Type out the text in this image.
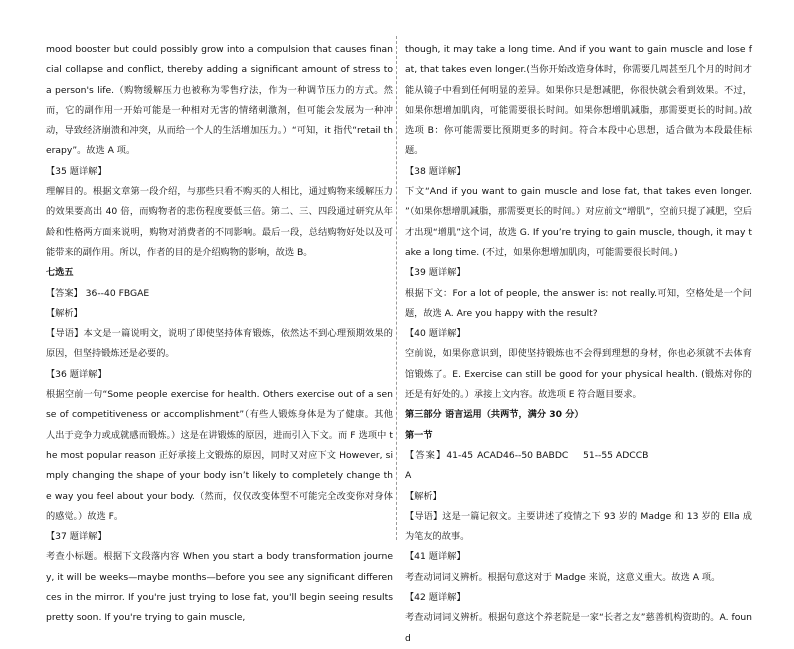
mood booster but could possibly grow into a compulsion that causes financial collapse and conflict, thereby adding a significant amount of stress to a person's life.（购物缓解压力也被称为零售疗法，作为一种调节压力的方式。然而，它的副作用一开始可能是一种相对无害的情绪刺激剂，但可能会发展为一种冲动，导致经济崩溃和冲突，从而给一个人的生活增加压力。）“可知，it 指代“retail therapy”。故选 A 项。

【35 题详解】

理解目的。根据文章第一段介绍，与那些只看不购买的人相比，通过购物来缓解压力的效果要高出 40 倍，而购物者的悲伤程度要低三倍。第二、三、四段通过研究从年龄和性格两方面来说明，购物对消费者的不同影响。最后一段，总结购物好处以及可能带来的副作用。所以，作者的目的是介绍购物的影响，故选 B。

七选五

【答案】 36--40 FBGAE

【解析】

【导语】本文是一篇说明文，说明了即使坚持体育锻炼，依然达不到心理预期效果的原因，但坚持锻炼还是必要的。

【36 题详解】

根据空前一句“Some people exercise for health. Others exercise out of a sense of competitiveness or accomplishment”（有些人锻炼身体是为了健康。其他人出于竞争力或成就感而锻炼。）这是在讲锻炼的原因，进而引入下文。而 F 选项中 the most popular reason 正好承接上文锻炼的原因，同时又对应下文 However, simply changing the shape of your body isn’t likely to completely change the way you feel about your body.（然而，仅仅改变体型不可能完全改变你对身体的感觉。）故选 F。

【37 题详解】

考查小标题。根据下文段落内容 When you start a body transformation journey, it will be weeks—maybe months—before you see any significant differences in the mirror. If you're just trying to lose fat, you'll begin seeing results pretty soon. If you're trying to gain muscle,

though, it may take a long time. And if you want to gain muscle and lose fat, that takes even longer.(当你开始改造身体时，你需要几周甚至几个月的时间才能从镜子中看到任何明显的差异。如果你只是想减肥，你很快就会看到效果。不过，如果你想增加肌肉，可能需要很长时间。如果你想增肌减脂，那需要更长的时间。)故选项 B：你可能需要比预期更多的时间。符合本段中心思想，适合做为本段最佳标题。

【38 题详解】

下文“And if you want to gain muscle and lose fat, that takes even longer. ”（如果你想增肌减脂，那需要更长的时间。）对应前文“增肌”，空前只提了减肥，空后才出现“增肌”这个词，故选 G. If you’re trying to gain muscle, though, it may take a long time. (不过，如果你想增加肌肉，可能需要很长时间。)

【39 题详解】

根据下文：For a lot of people, the answer is: not really.可知，空格处是一个问题，故选 A. Are you happy with the result?

【40 题详解】

空前说，如果你意识到，即使坚持锻炼也不会得到理想的身材，你也必须就不去体育馆锻炼了。E. Exercise can still be good for your physical health. (锻炼对你的还是有好处的。）承接上文内容。故选项 E 符合题目要求。

第三部分 语言运用（共两节，满分 30 分）

第一节

【答案】41-45 ACADA
46--50 BABDC	51--55 ADCCB

【解析】

【导语】这是一篇记叙文。主要讲述了疫情之下 93 岁的 Madge 和 13 岁的 Ella 成为笔友的故事。

【41 题详解】

考查动词词义辨析。根据句意这对于 Madge 来说，这意义重大。故选 A 项。

【42 题详解】

考查动词词义辨析。根据句意这个养老院是一家“长者之友”慈善机构资助的。A. found
